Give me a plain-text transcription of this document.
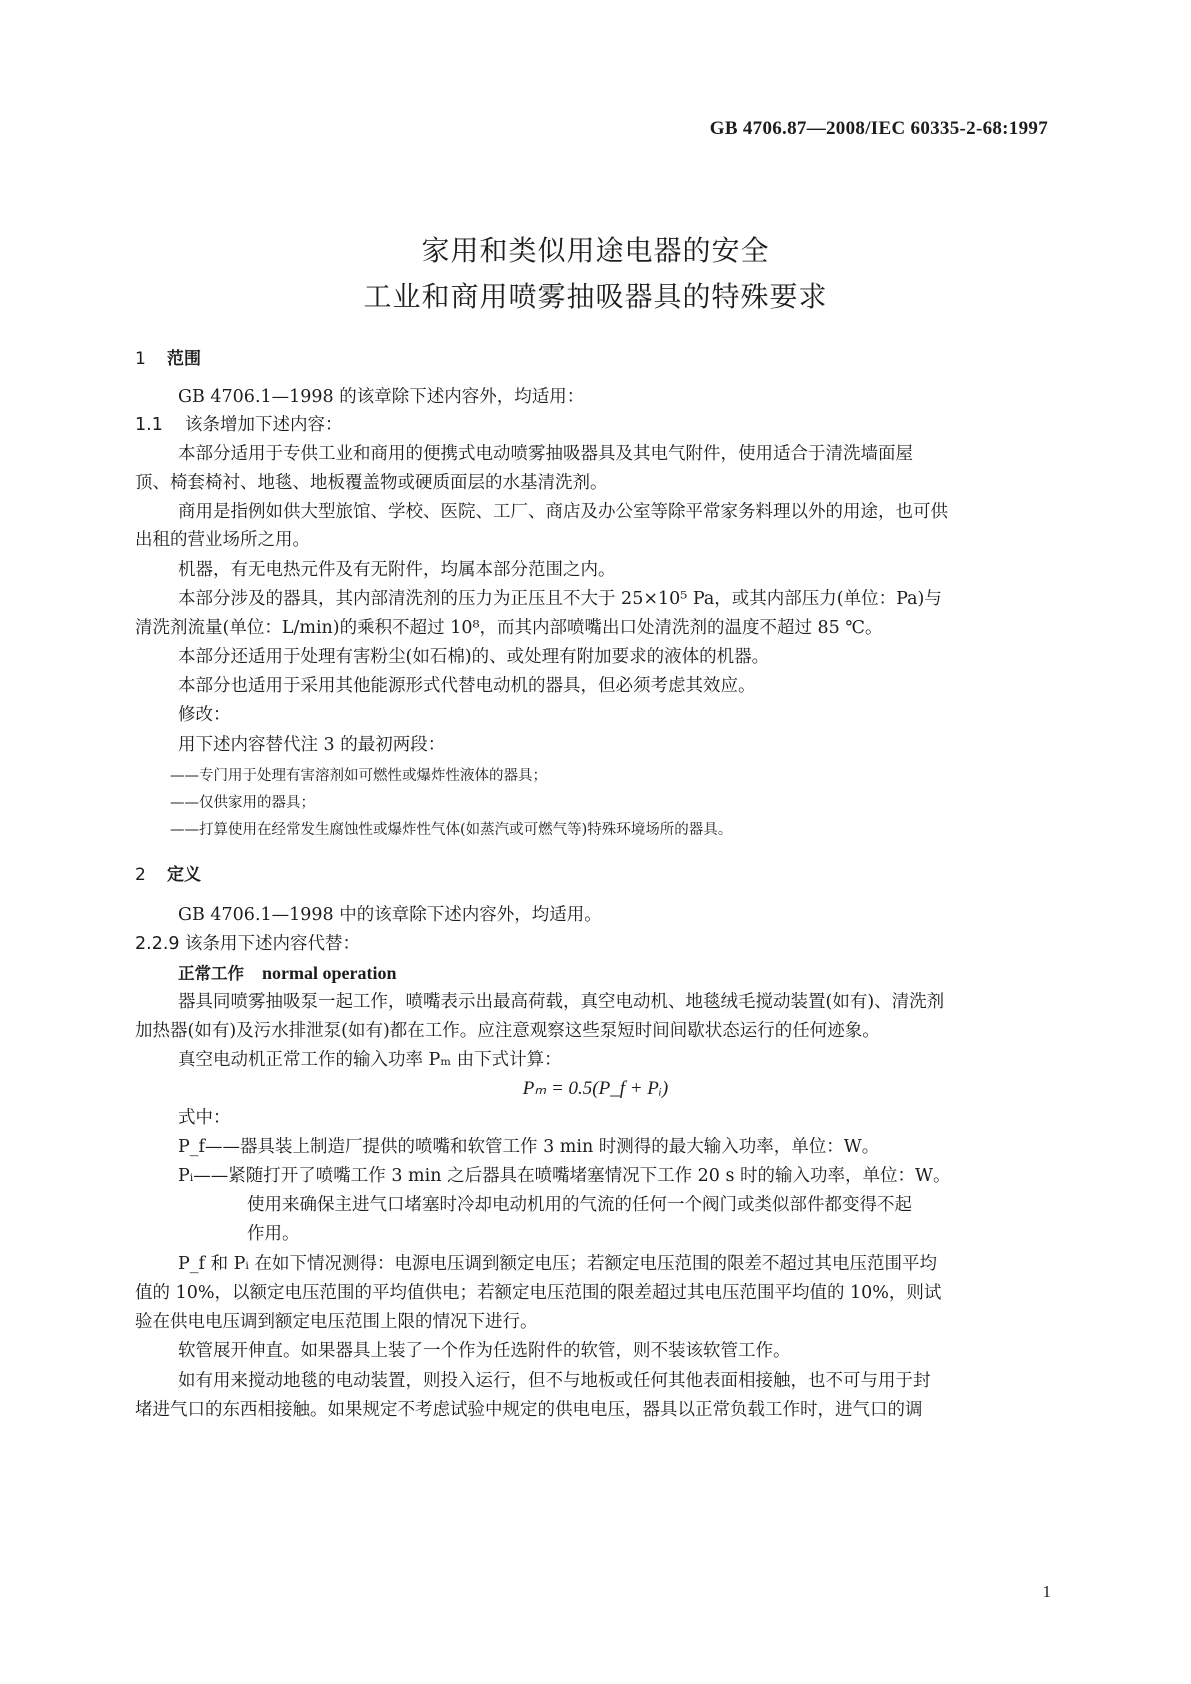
GB 4706.87—2008/IEC 60335-2-68:1997
家用和类似用途电器的安全
工业和商用喷雾抽吸器具的特殊要求
1 范围
GB 4706.1—1998 的该章除下述内容外，均适用：
1.1 该条增加下述内容：
本部分适用于专供工业和商用的便携式电动喷雾抽吸器具及其电气附件，使用适合于清洗墙面屋
顶、椅套椅衬、地毯、地板覆盖物或硬质面层的水基清洗剂。
商用是指例如供大型旅馆、学校、医院、工厂、商店及办公室等除平常家务料理以外的用途，也可供
出租的营业场所之用。
机器，有无电热元件及有无附件，均属本部分范围之内。
本部分涉及的器具，其内部清洗剂的压力为正压且不大于 25×10⁵ Pa，或其内部压力(单位：Pa)与
清洗剂流量(单位：L/min)的乘积不超过 10⁸，而其内部喷嘴出口处清洗剂的温度不超过 85 ℃。
本部分还适用于处理有害粉尘(如石棉)的、或处理有附加要求的液体的机器。
本部分也适用于采用其他能源形式代替电动机的器具，但必须考虑其效应。
修改：
用下述内容替代注 3 的最初两段：
——专门用于处理有害溶剂如可燃性或爆炸性液体的器具；
——仅供家用的器具；
——打算使用在经常发生腐蚀性或爆炸性气体(如蒸汽或可燃气等)特殊环境场所的器具。
2 定义
GB 4706.1—1998 中的该章除下述内容外，均适用。
2.2.9 该条用下述内容代替：
正常工作 normal operation
器具同喷雾抽吸泵一起工作，喷嘴表示出最高荷载，真空电动机、地毯绒毛搅动装置(如有)、清洗剂
加热器(如有)及污水排泄泵(如有)都在工作。应注意观察这些泵短时间间歇状态运行的任何迹象。
真空电动机正常工作的输入功率 Pₘ 由下式计算：
Pₘ = 0.5(P_f + Pᵢ)
式中：
P_f——器具装上制造厂提供的喷嘴和软管工作 3 min 时测得的最大输入功率，单位：W。
Pᵢ——紧随打开了喷嘴工作 3 min 之后器具在喷嘴堵塞情况下工作 20 s 时的输入功率，单位：W。
使用来确保主进气口堵塞时冷却电动机用的气流的任何一个阀门或类似部件都变得不起
作用。
P_f 和 Pᵢ 在如下情况测得：电源电压调到额定电压；若额定电压范围的限差不超过其电压范围平均
值的 10%，以额定电压范围的平均值供电；若额定电压范围的限差超过其电压范围平均值的 10%，则试
验在供电电压调到额定电压范围上限的情况下进行。
软管展开伸直。如果器具上装了一个作为任选附件的软管，则不装该软管工作。
如有用来搅动地毯的电动装置，则投入运行，但不与地板或任何其他表面相接触，也不可与用于封
堵进气口的东西相接触。如果规定不考虑试验中规定的供电电压，器具以正常负载工作时，进气口的调
1
